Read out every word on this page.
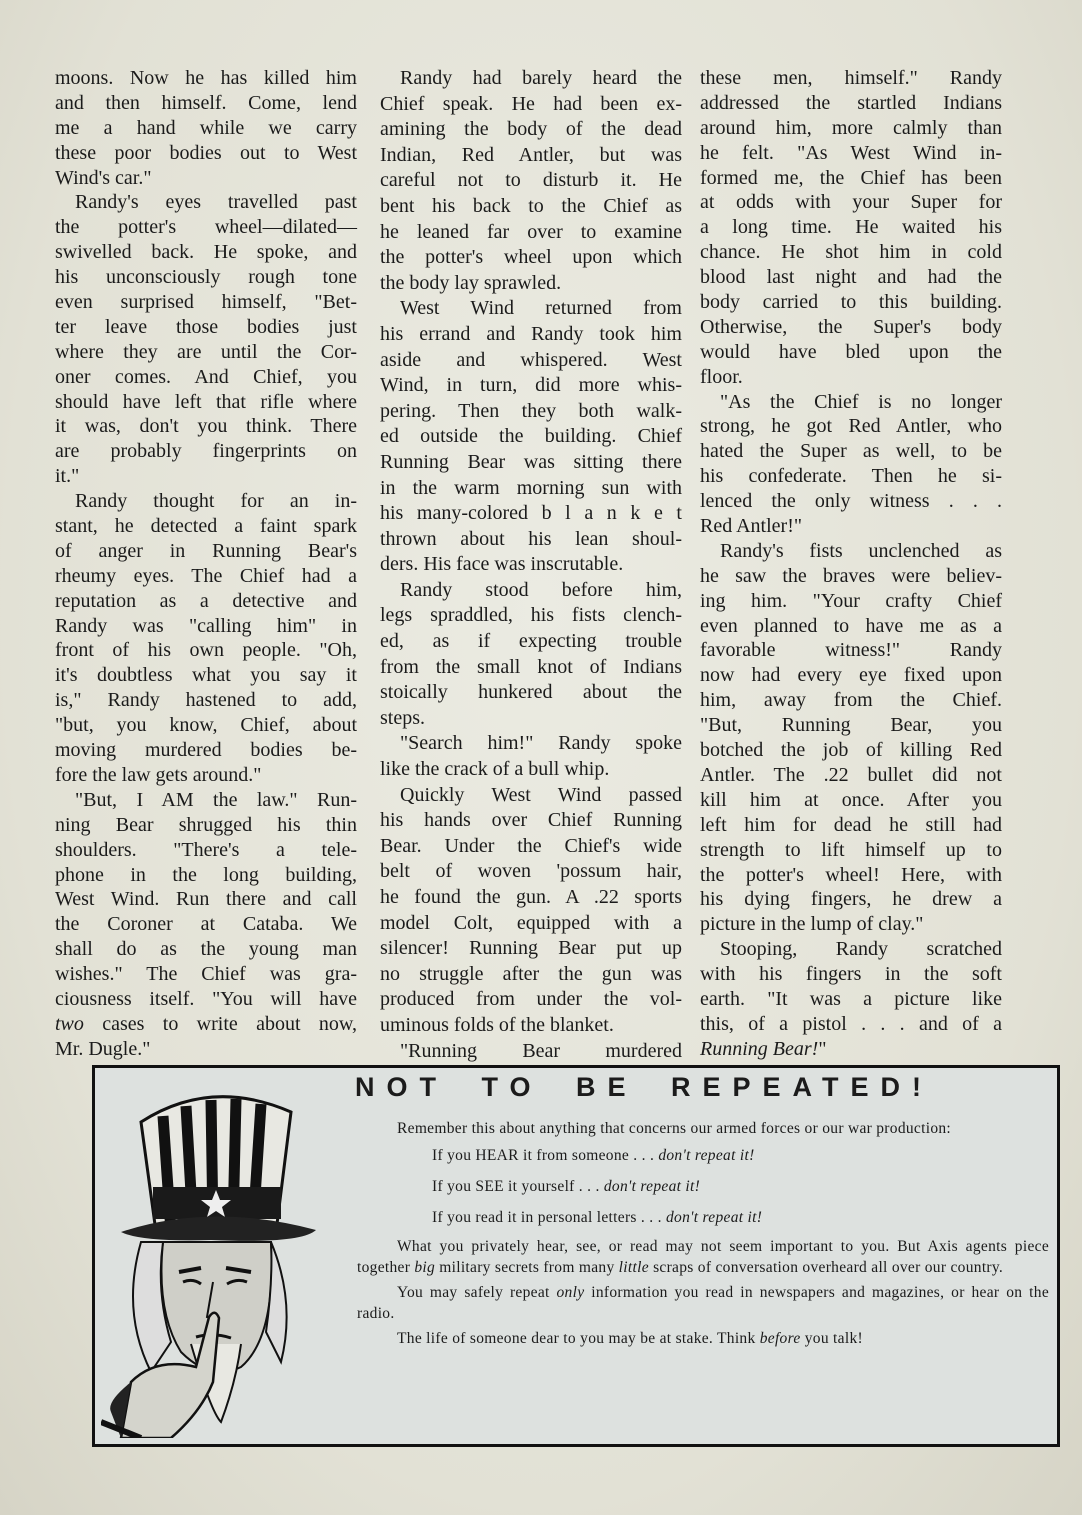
moons. Now he has killed him
and then himself. Come, lend
me a hand while we carry
these poor bodies out to West
Wind's car."
Randy's eyes travelled past
the potter's wheel—dilated—
swivelled back. He spoke, and
his unconsciously rough tone
even surprised himself, "Bet-
ter leave those bodies just
where they are until the Cor-
oner comes. And Chief, you
should have left that rifle where
it was, don't you think. There
are probably fingerprints on
it."
Randy thought for an in-
stant, he detected a faint spark
of anger in Running Bear's
rheumy eyes. The Chief had a
reputation as a detective and
Randy was "calling him" in
front of his own people. "Oh,
it's doubtless what you say it
is," Randy hastened to add,
"but, you know, Chief, about
moving murdered bodies be-
fore the law gets around."
"But, I AM the law." Run-
ning Bear shrugged his thin
shoulders. "There's a tele-
phone in the long building,
West Wind. Run there and call
the Coroner at Cataba. We
shall do as the young man
wishes." The Chief was gra-
ciousness itself. "You will have
two cases to write about now,
Mr. Dugle."
Randy had barely heard the
Chief speak. He had been ex-
amining the body of the dead
Indian, Red Antler, but was
careful not to disturb it. He
bent his back to the Chief as
he leaned far over to examine
the potter's wheel upon which
the body lay sprawled.
West Wind returned from
his errand and Randy took him
aside and whispered. West
Wind, in turn, did more whis-
pering. Then they both walk-
ed outside the building. Chief
Running Bear was sitting there
in the warm morning sun with
his many-colored b l a n k e t
thrown about his lean shoul-
ders. His face was inscrutable.
Randy stood before him,
legs spraddled, his fists clench-
ed, as if expecting trouble
from the small knot of Indians
stoically hunkered about the
steps.
"Search him!" Randy spoke
like the crack of a bull whip.
Quickly West Wind passed
his hands over Chief Running
Bear. Under the Chief's wide
belt of woven 'possum hair,
he found the gun. A .22 sports
model Colt, equipped with a
silencer! Running Bear put up
no struggle after the gun was
produced from under the vol-
uminous folds of the blanket.
"Running Bear murdered
these men, himself." Randy
addressed the startled Indians
around him, more calmly than
he felt. "As West Wind in-
formed me, the Chief has been
at odds with your Super for
a long time. He waited his
chance. He shot him in cold
blood last night and had the
body carried to this building.
Otherwise, the Super's body
would have bled upon the
floor.
"As the Chief is no longer
strong, he got Red Antler, who
hated the Super as well, to be
his confederate. Then he si-
lenced the only witness . . .
Red Antler!"
Randy's fists unclenched as
he saw the braves were believ-
ing him. "Your crafty Chief
even planned to have me as a
favorable witness!" Randy
now had every eye fixed upon
him, away from the Chief.
"But, Running Bear, you
botched the job of killing Red
Antler. The .22 bullet did not
kill him at once. After you
left him for dead he still had
strength to lift himself up to
the potter's wheel! Here, with
his dying fingers, he drew a
picture in the lump of clay."
Stooping, Randy scratched
with his fingers in the soft
earth. "It was a picture like
this, of a pistol . . . and of a
Running Bear!"
NOT TO BE REPEATED!

Remember this about anything that concerns our armed forces or our war production:

If you HEAR it from someone . . . don't repeat it!

If you SEE it yourself . . . don't repeat it!

If you read it in personal letters . . . don't repeat it!

What you privately hear, see, or read may not seem important to you. But Axis agents piece together big military secrets from many little scraps of conversation overheard all over our country.

You may safely repeat only information you read in newspapers and magazines, or hear on the radio.

The life of someone dear to you may be at stake. Think before you talk!
